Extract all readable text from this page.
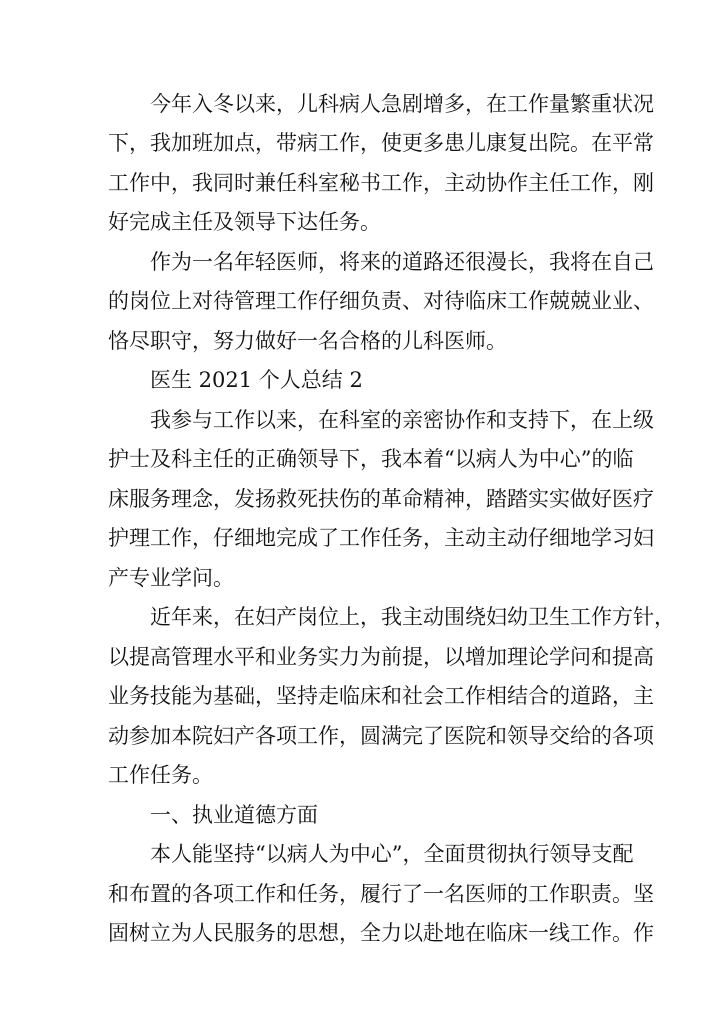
今年入冬以来，儿科病人急剧增多，在工作量繁重状况
下，我加班加点，带病工作，使更多患儿康复出院。在平常
工作中，我同时兼任科室秘书工作，主动协作主任工作，刚
好完成主任及领导下达任务。
作为一名年轻医师，将来的道路还很漫长，我将在自己
的岗位上对待管理工作仔细负责、对待临床工作兢兢业业、
恪尽职守，努力做好一名合格的儿科医师。
医生 2021 个人总结 2
我参与工作以来，在科室的亲密协作和支持下，在上级
护士及科主任的正确领导下，我本着“以病人为中心”的临
床服务理念，发扬救死扶伤的革命精神，踏踏实实做好医疗
护理工作，仔细地完成了工作任务，主动主动仔细地学习妇
产专业学问。
近年来，在妇产岗位上，我主动围绕妇幼卫生工作方针，
以提高管理水平和业务实力为前提，以增加理论学问和提高
业务技能为基础，坚持走临床和社会工作相结合的道路，主
动参加本院妇产各项工作，圆满完了医院和领导交给的各项
工作任务。
一、执业道德方面
本人能坚持“以病人为中心”，全面贯彻执行领导支配
和布置的各项工作和任务，履行了一名医师的工作职责。坚
固树立为人民服务的思想，全力以赴地在临床一线工作。作
